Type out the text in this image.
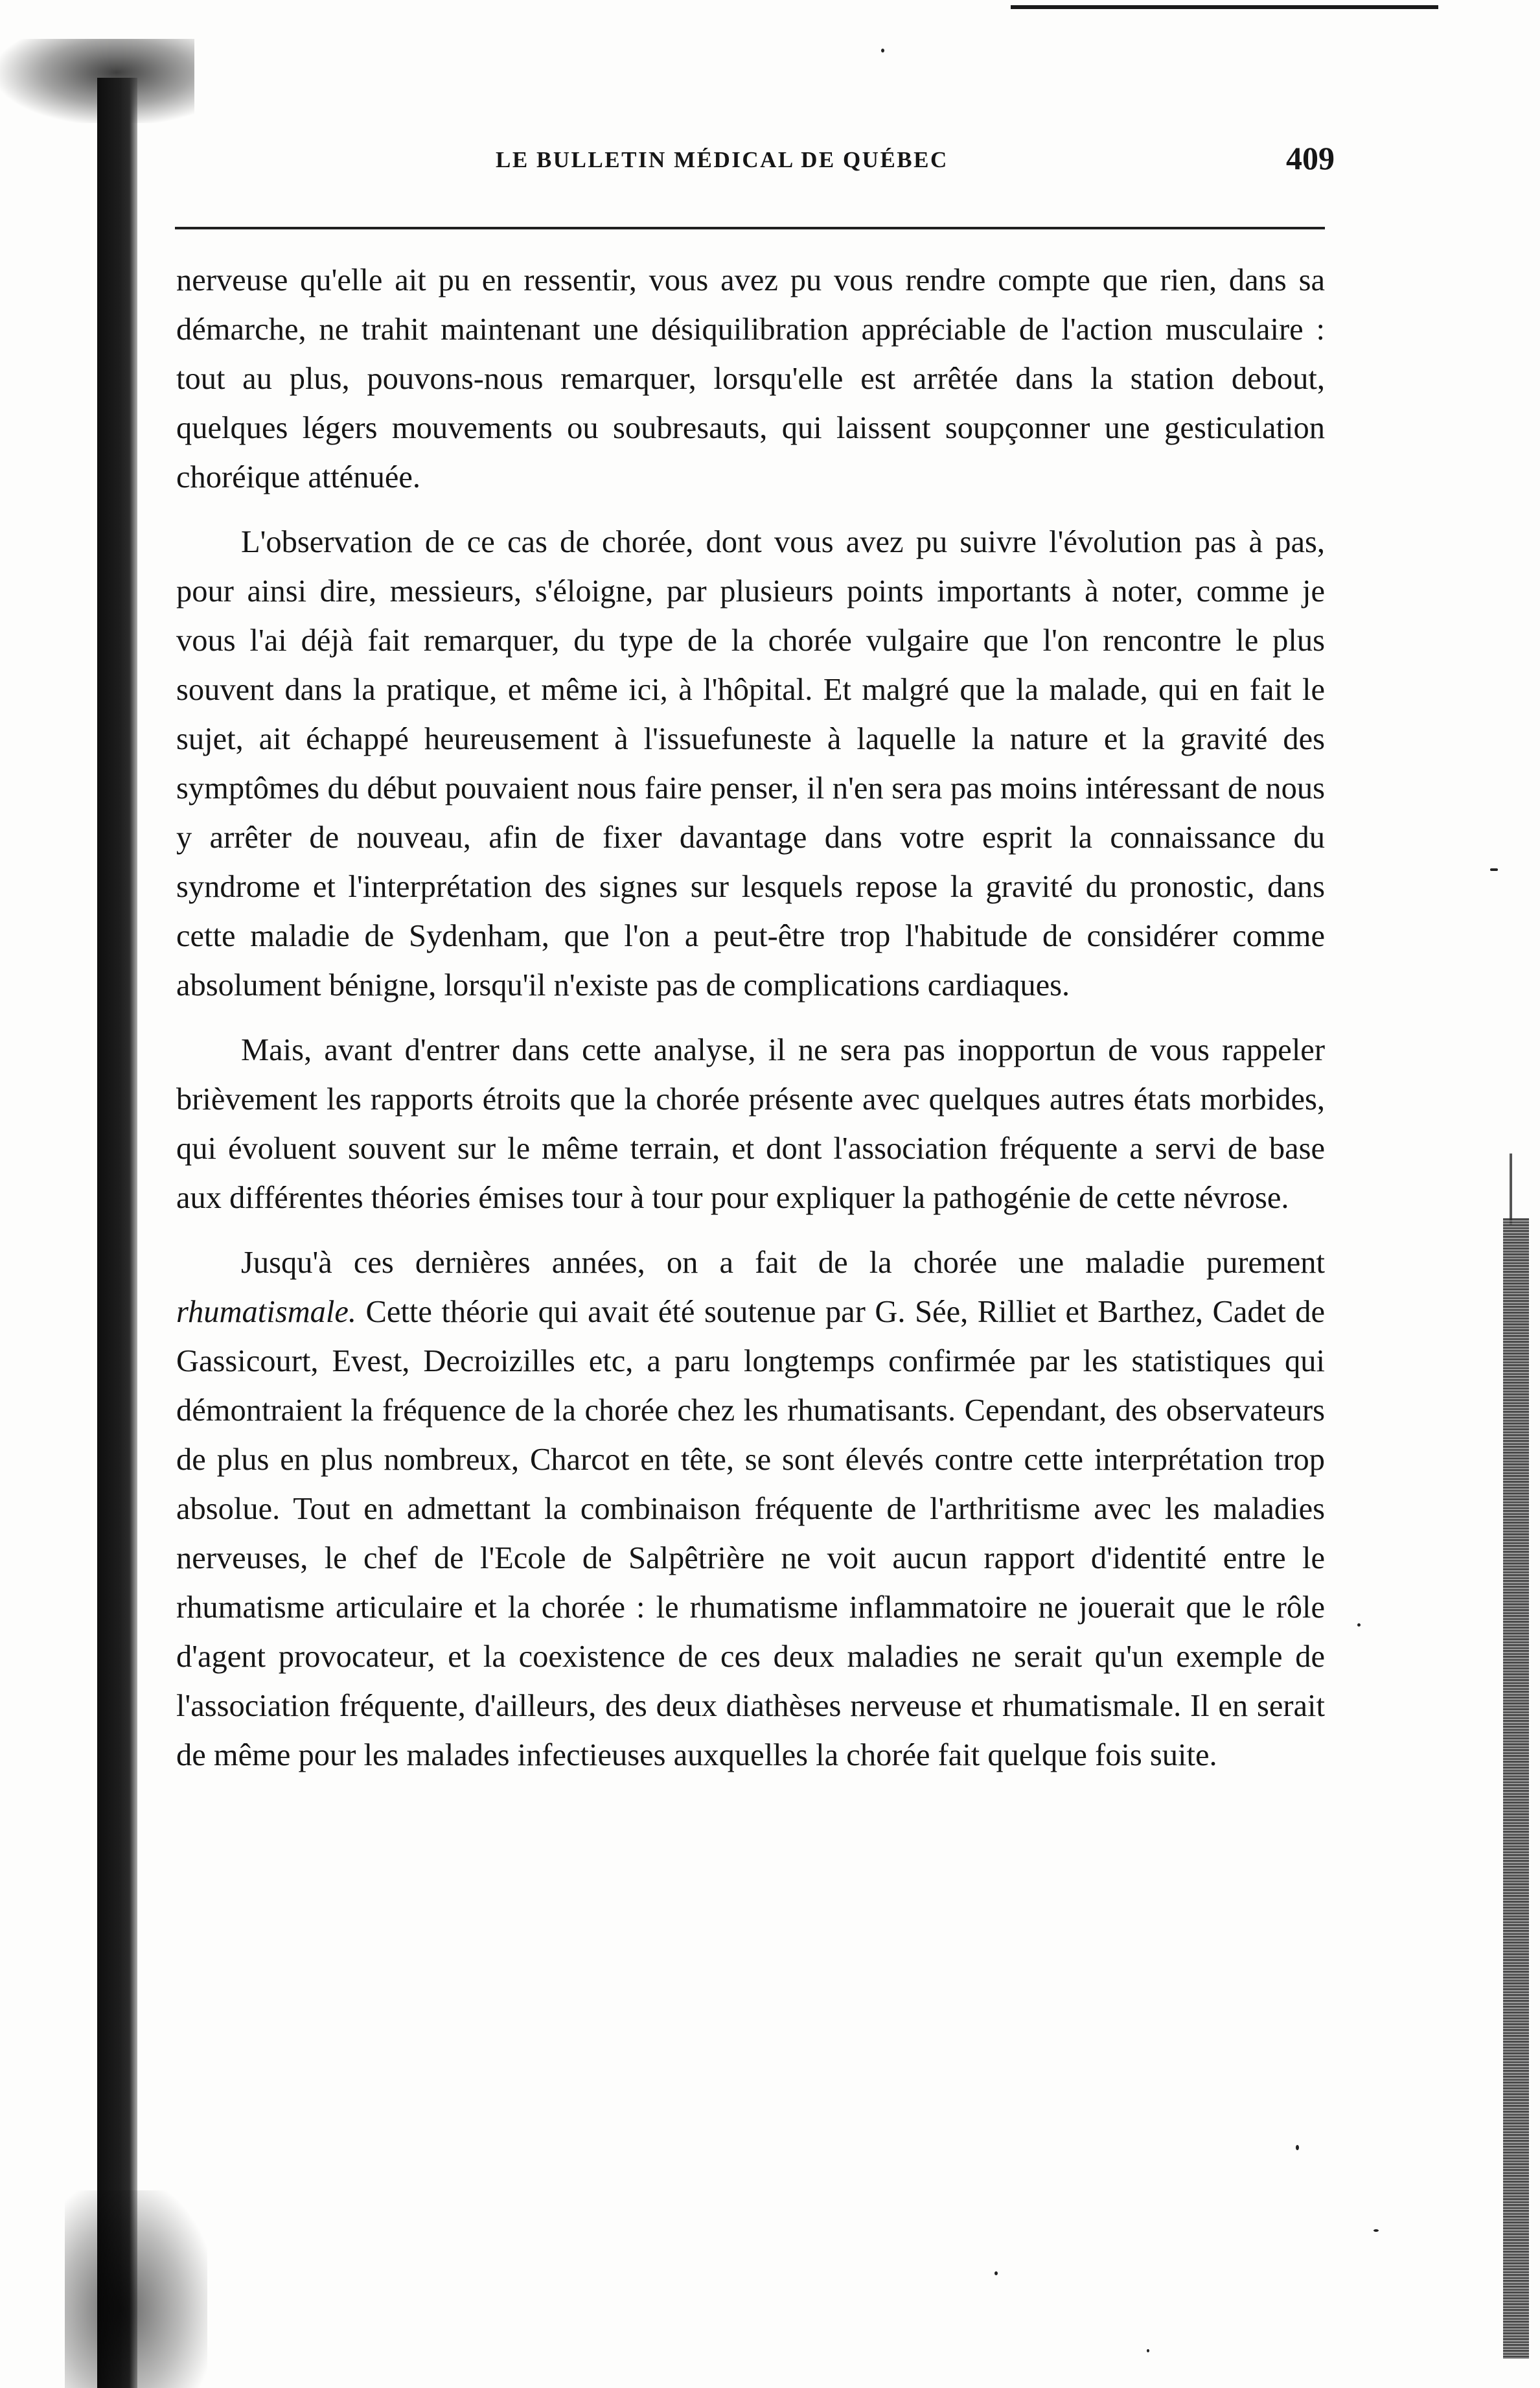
LE BULLETIN MÉDICAL DE QUÉBEC	409

nerveuse qu'elle ait pu en ressentir, vous avez pu vous rendre compte que rien, dans sa démarche, ne trahit maintenant une désiquilibration appréciable de l'action musculaire : tout au plus, pouvons-nous remarquer, lorsqu'elle est arrêtée dans la station debout, quelques légers mouvements ou soubresauts, qui laissent soupçonner une gesticulation choréique atténuée.

L'observation de ce cas de chorée, dont vous avez pu suivre l'évolution pas à pas, pour ainsi dire, messieurs, s'éloigne, par plusieurs points importants à noter, comme je vous l'ai déjà fait remarquer, du type de la chorée vulgaire que l'on rencontre le plus souvent dans la pratique, et même ici, à l'hôpital. Et malgré que la malade, qui en fait le sujet, ait échappé heureusement à l'issuefuneste à laquelle la nature et la gravité des symptômes du début pouvaient nous faire penser, il n'en sera pas moins intéressant de nous y arrêter de nouveau, afin de fixer davantage dans votre esprit la connaissance du syndrome et l'interprétation des signes sur lesquels repose la gravité du pronostic, dans cette maladie de Sydenham, que l'on a peut-être trop l'habitude de considérer comme absolument bénigne, lorsqu'il n'existe pas de complications cardiaques.

Mais, avant d'entrer dans cette analyse, il ne sera pas inopportun de vous rappeler brièvement les rapports étroits que la chorée présente avec quelques autres états morbides, qui évoluent souvent sur le même terrain, et dont l'association fréquente a servi de base aux différentes théories émises tour à tour pour expliquer la pathogénie de cette névrose.

Jusqu'à ces dernières années, on a fait de la chorée une maladie purement rhumatismale. Cette théorie qui avait été soutenue par G. Sée, Rilliet et Barthez, Cadet de Gassicourt, Evest, Decroizilles etc, a paru longtemps confirmée par les statistiques qui démontraient la fréquence de la chorée chez les rhumatisants. Cependant, des observateurs de plus en plus nombreux, Charcot en tête, se sont élevés contre cette interprétation trop absolue. Tout en admettant la combinaison fréquente de l'arthritisme avec les maladies nerveuses, le chef de l'Ecole de Salpêtrière ne voit aucun rapport d'identité entre le rhumatisme articulaire et la chorée : le rhumatisme inflammatoire ne jouerait que le rôle d'agent provocateur, et la coexistence de ces deux maladies ne serait qu'un exemple de l'association fréquente, d'ailleurs, des deux diathèses nerveuse et rhumatismale. Il en serait de même pour les malades infectieuses auxquelles la chorée fait quelque fois suite.
